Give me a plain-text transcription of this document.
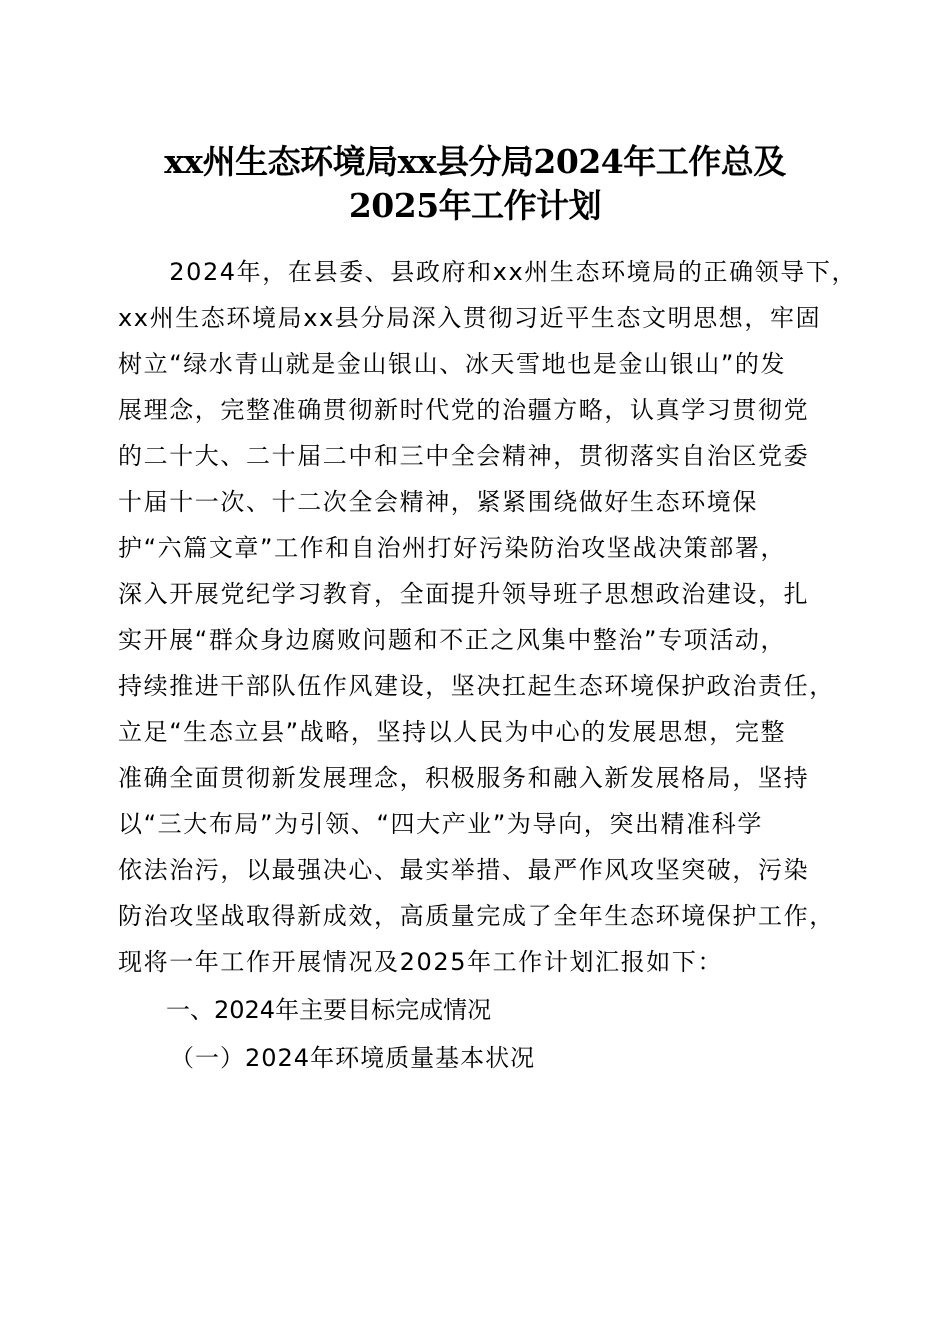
xx州生态环境局xx县分局2024年工作总及
2025年工作计划
　　2024年，在县委、县政府和xx州生态环境局的正确领导下，
xx州生态环境局xx县分局深入贯彻习近平生态文明思想，牢固
树立“绿水青山就是金山银山、冰天雪地也是金山银山”的发
展理念，完整准确贯彻新时代党的治疆方略，认真学习贯彻党
的二十大、二十届二中和三中全会精神，贯彻落实自治区党委
十届十一次、十二次全会精神，紧紧围绕做好生态环境保
护“六篇文章”工作和自治州打好污染防治攻坚战决策部署，
深入开展党纪学习教育，全面提升领导班子思想政治建设，扎
实开展“群众身边腐败问题和不正之风集中整治”专项活动，
持续推进干部队伍作风建设，坚决扛起生态环境保护政治责任，
立足“生态立县”战略，坚持以人民为中心的发展思想，完整
准确全面贯彻新发展理念，积极服务和融入新发展格局，坚持
以“三大布局”为引领、“四大产业”为导向，突出精准科学
依法治污，以最强决心、最实举措、最严作风攻坚突破，污染
防治攻坚战取得新成效，高质量完成了全年生态环境保护工作，
现将一年工作开展情况及2025年工作计划汇报如下：
一、2024年主要目标完成情况
（一）2024年环境质量基本状况
